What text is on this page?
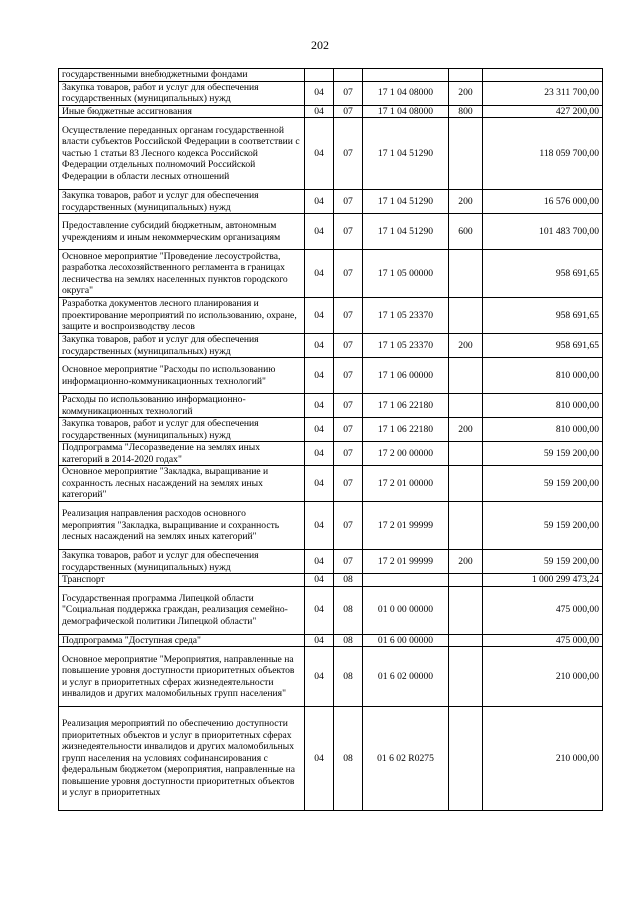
202
государственными внебюджетными фондами					
Закупка товаров, работ и услуг для обеспечения государственных (муниципальных) нужд	04	07	17 1 04 08000	200	23 311 700,00
Иные бюджетные ассигнования	04	07	17 1 04 08000	800	427 200,00
Осуществление переданных органам государственной власти субъектов Российской Федерации в соответствии с частью 1 статьи 83 Лесного кодекса Российской Федерации отдельных полномочий Российской Федерации в области лесных отношений	04	07	17 1 04 51290		118 059 700,00
Закупка товаров, работ и услуг для обеспечения государственных (муниципальных) нужд	04	07	17 1 04 51290	200	16 576 000,00
Предоставление субсидий бюджетным, автономным учреждениям и иным некоммерческим организациям	04	07	17 1 04 51290	600	101 483 700,00
Основное мероприятие "Проведение лесоустройства, разработка лесохозяйственного регламента в границах лесничества на землях населенных пунктов городского округа"	04	07	17 1 05 00000		958 691,65
Разработка документов лесного планирования и проектирование мероприятий по использованию, охране, защите и воспроизводству лесов	04	07	17 1 05 23370		958 691,65
Закупка товаров, работ и услуг для обеспечения государственных (муниципальных) нужд	04	07	17 1 05 23370	200	958 691,65
Основное мероприятие "Расходы по использованию информационно-коммуникационных технологий"	04	07	17 1 06 00000		810 000,00
Расходы по использованию информационно-коммуникационных технологий	04	07	17 1 06 22180		810 000,00
Закупка товаров, работ и услуг для обеспечения государственных (муниципальных) нужд	04	07	17 1 06 22180	200	810 000,00
Подпрограмма "Лесоразведение на землях иных категорий в 2014-2020 годах"	04	07	17 2 00 00000		59 159 200,00
Основное мероприятие "Закладка, выращивание и сохранность лесных насаждений на землях иных категорий"	04	07	17 2 01 00000		59 159 200,00
Реализация направления расходов основного мероприятия "Закладка, выращивание и сохранность лесных насаждений на землях иных категорий"	04	07	17 2 01 99999		59 159 200,00
Закупка товаров, работ и услуг для обеспечения государственных (муниципальных) нужд	04	07	17 2 01 99999	200	59 159 200,00
Транспорт	04	08			1 000 299 473,24
Государственная программа Липецкой области "Социальная поддержка граждан, реализация семейно-демографической политики Липецкой области"	04	08	01 0 00 00000		475 000,00
Подпрограмма "Доступная среда"	04	08	01 6 00 00000		475 000,00
Основное мероприятие "Мероприятия, направленные на повышение уровня доступности приоритетных объектов и услуг в приоритетных сферах жизнедеятельности инвалидов и других маломобильных групп населения"	04	08	01 6 02 00000		210 000,00
Реализация мероприятий по обеспечению доступности приоритетных объектов и услуг в приоритетных сферах жизнедеятельности инвалидов и других маломобильных групп населения на условиях софинансирования с федеральным бюджетом (мероприятия, направленные на повышение уровня доступности приоритетных объектов и услуг в приоритетных	04	08	01 6 02 R0275		210 000,00
